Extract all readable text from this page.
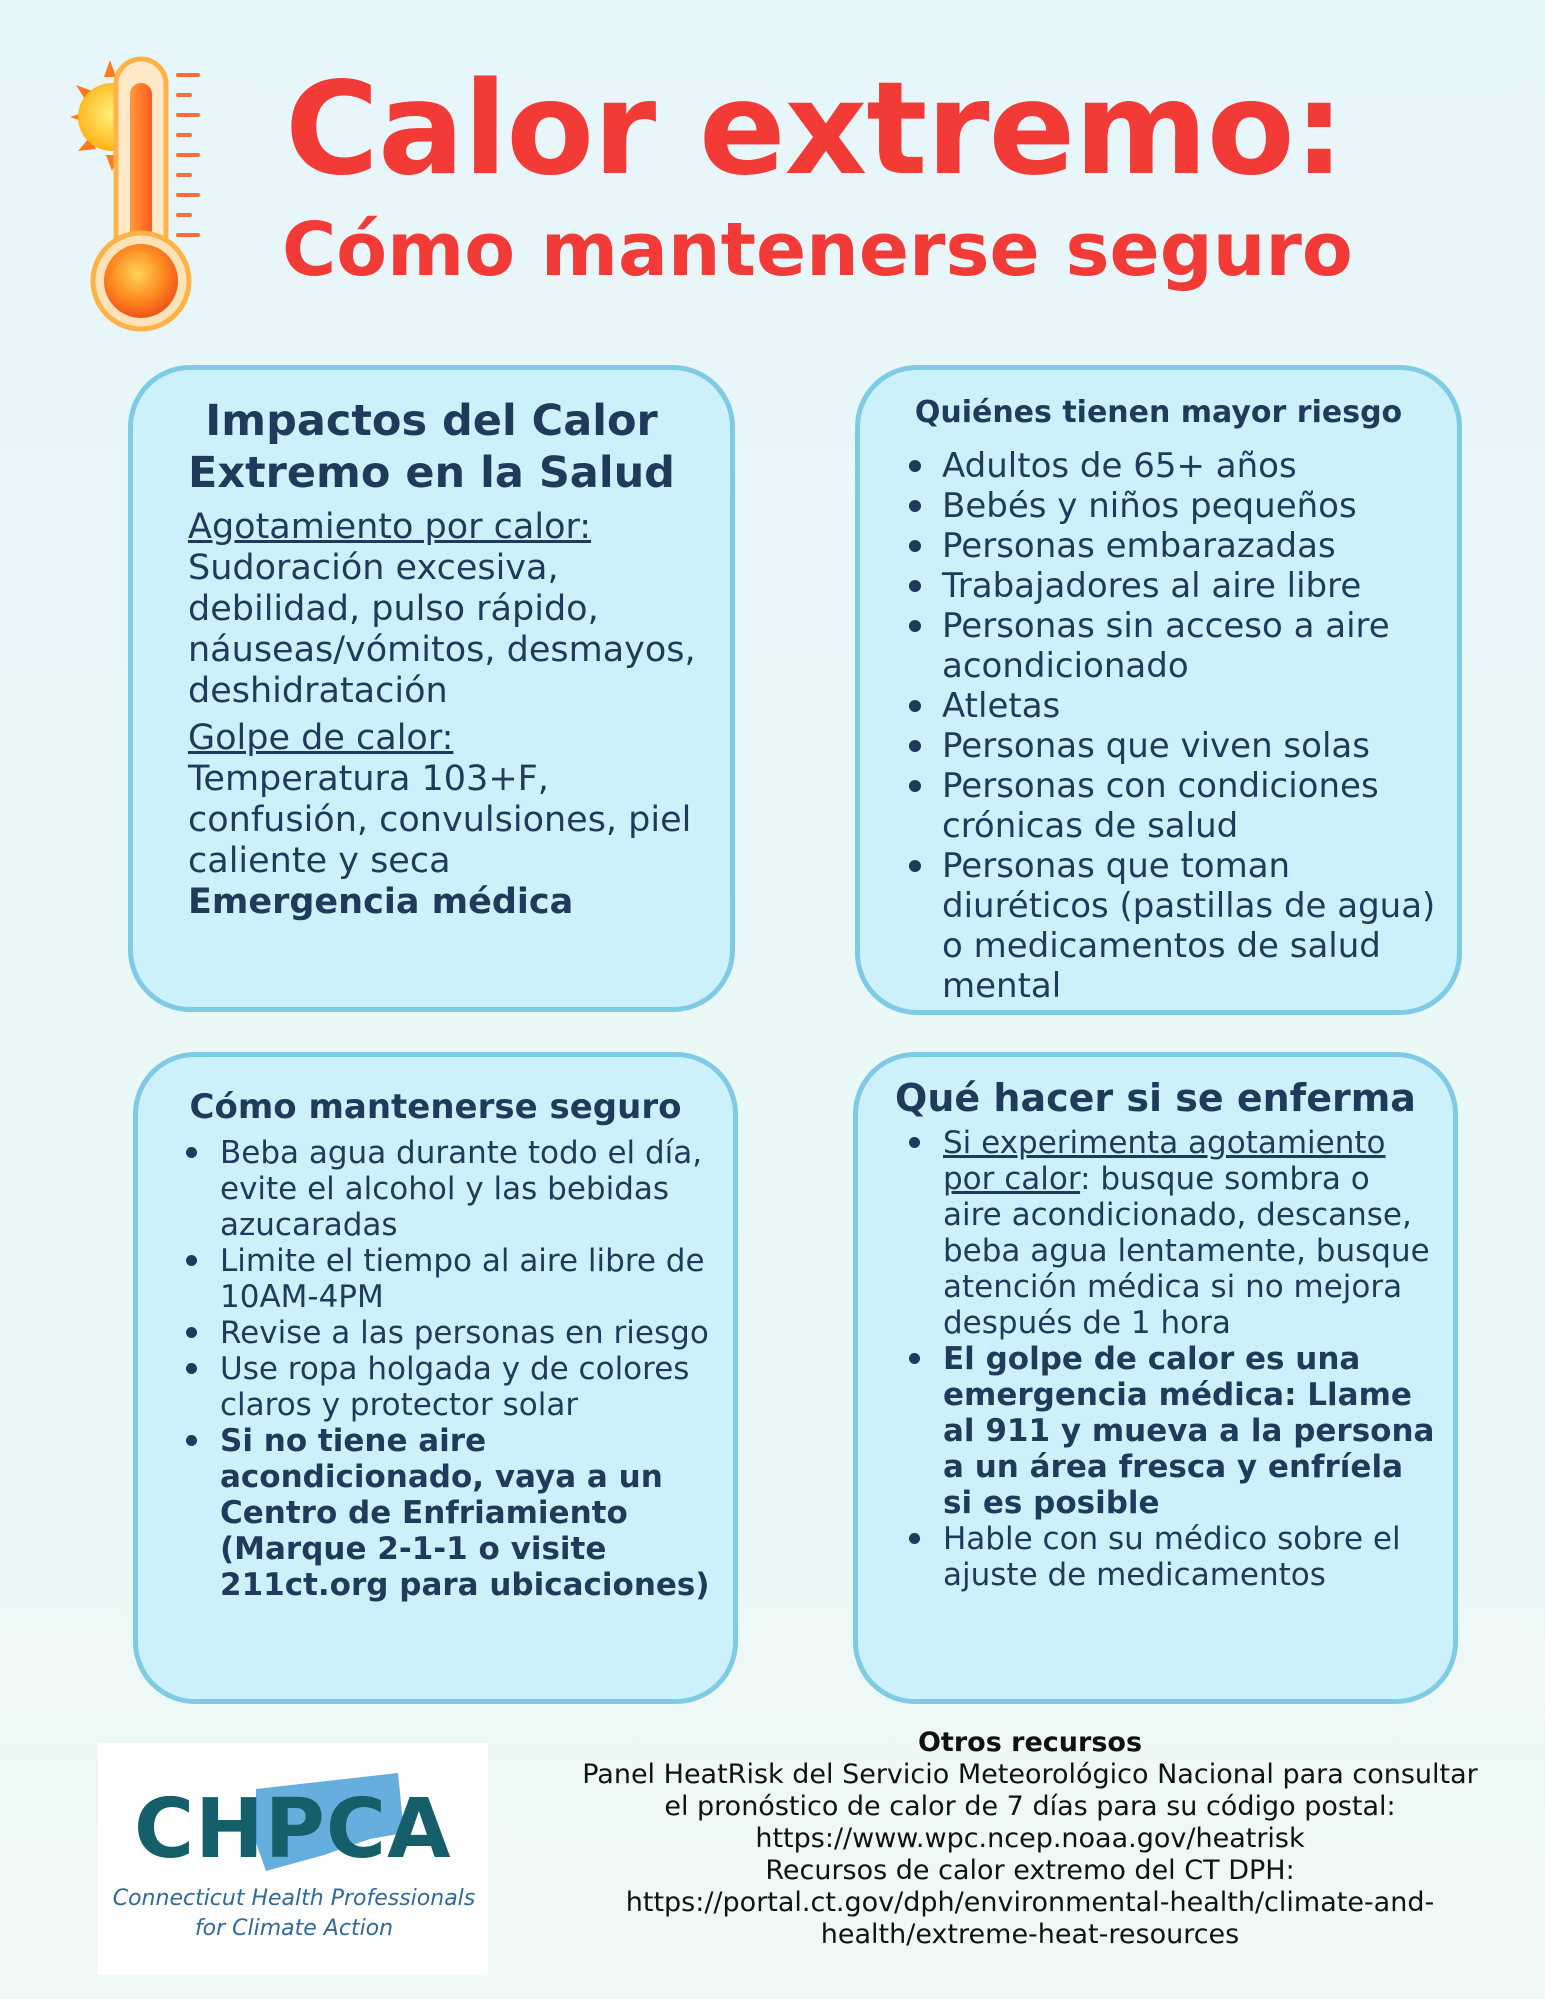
Calor extremo:
Cómo mantenerse seguro
Impactos del Calor Extremo en la Salud
Agotamiento por calor:
Sudoración excesiva, debilidad, pulso rápido, náuseas/vómitos, desmayos, deshidratación
Golpe de calor:
Temperatura 103+F, confusión, convulsiones, piel caliente y seca
Emergencia médica
Quiénes tienen mayor riesgo
Adultos de 65+ años
Bebés y niños pequeños
Personas embarazadas
Trabajadores al aire libre
Personas sin acceso a aire acondicionado
Atletas
Personas que viven solas
Personas con condiciones crónicas de salud
Personas que toman diuréticos (pastillas de agua) o medicamentos de salud mental
Cómo mantenerse seguro
Beba agua durante todo el día, evite el alcohol y las bebidas azucaradas
Limite el tiempo al aire libre de 10AM-4PM
Revise a las personas en riesgo
Use ropa holgada y de colores claros y protector solar
Si no tiene aire acondicionado, vaya a un Centro de Enfriamiento (Marque 2-1-1 o visite 211ct.org para ubicaciones)
Qué hacer si se enferma
Si experimenta agotamiento por calor: busque sombra o aire acondicionado, descanse, beba agua lentamente, busque atención médica si no mejora después de 1 hora
El golpe de calor es una emergencia médica: Llame al 911 y mueva a la persona a un área fresca y enfríela si es posible
Hable con su médico sobre el ajuste de medicamentos
CHPCA
Connecticut Health Professionals
for Climate Action
Otros recursos
Panel HeatRisk del Servicio Meteorológico Nacional para consultar
el pronóstico de calor de 7 días para su código postal:
https://www.wpc.ncep.noaa.gov/heatrisk
Recursos de calor extremo del CT DPH:
https://portal.ct.gov/dph/environmental-health/climate-and-
health/extreme-heat-resources
